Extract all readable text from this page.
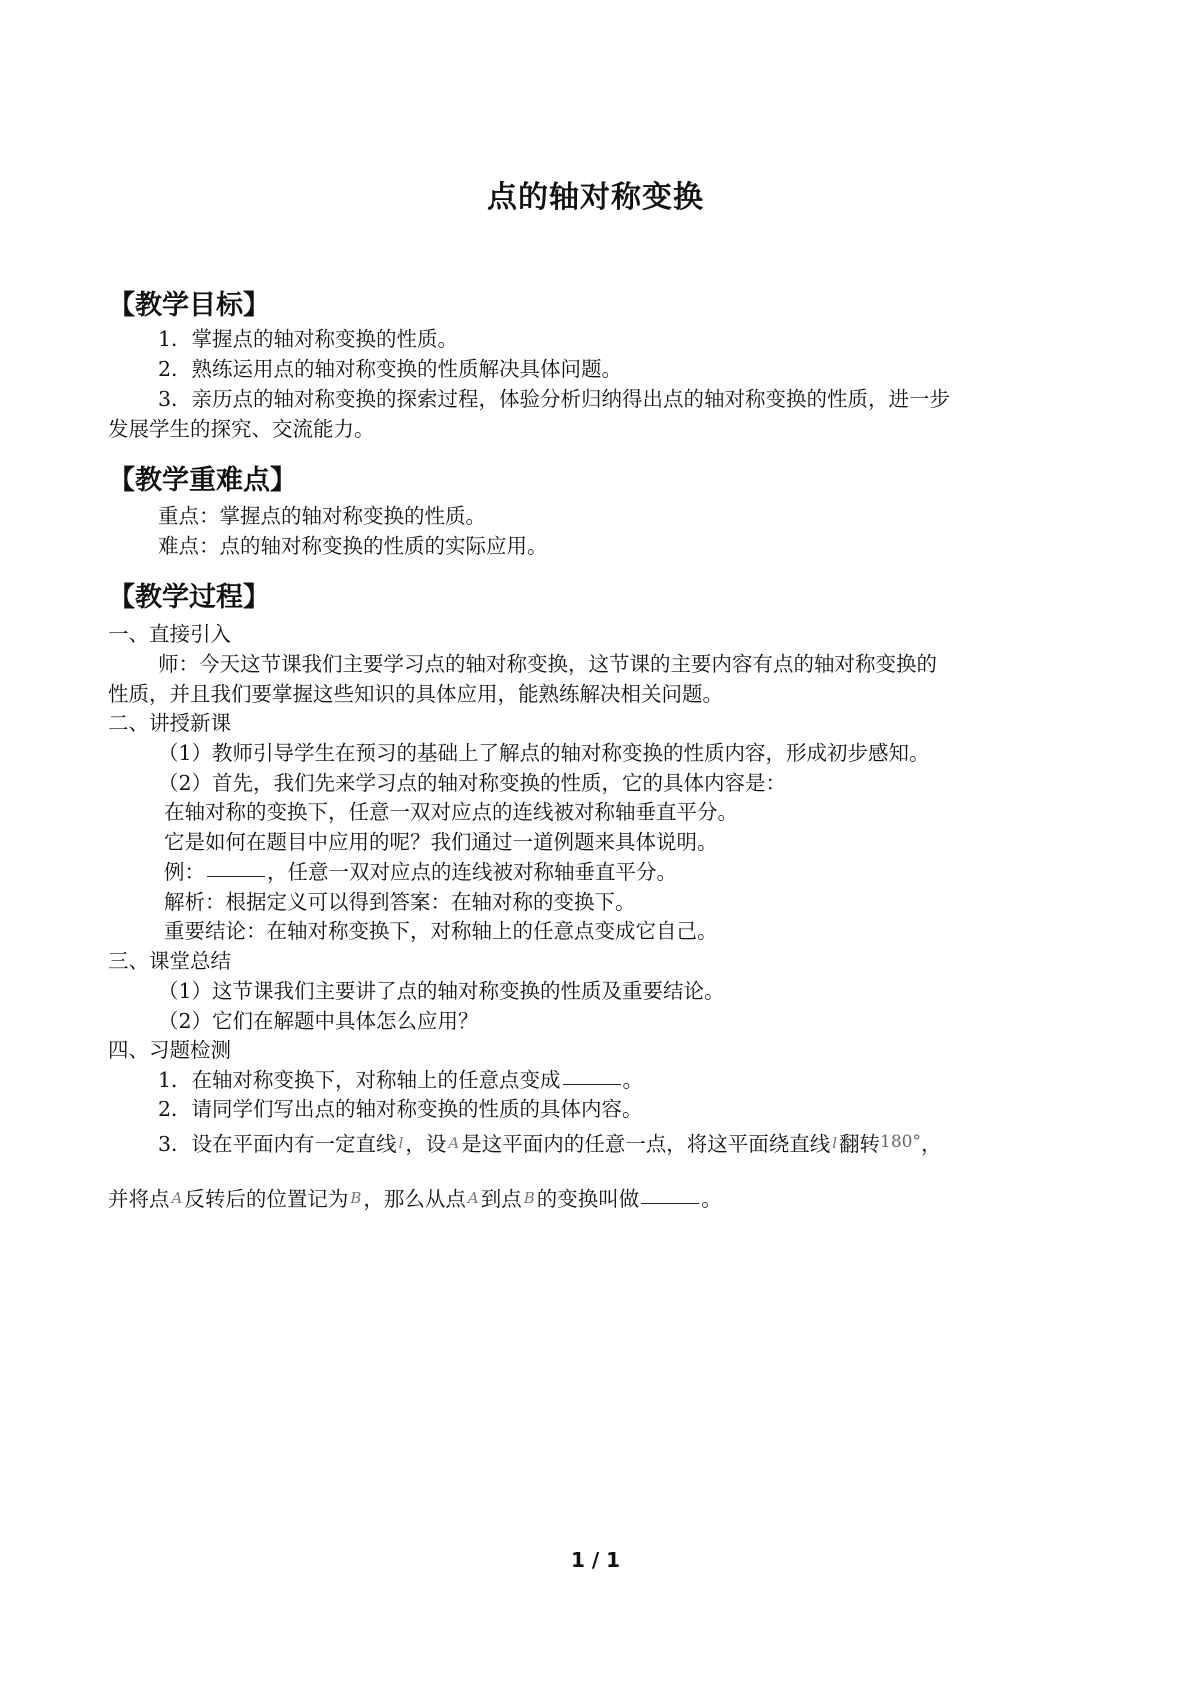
点的轴对称变换
【教学目标】
1．掌握点的轴对称变换的性质。
2．熟练运用点的轴对称变换的性质解决具体问题。
3．亲历点的轴对称变换的探索过程，体验分析归纳得出点的轴对称变换的性质，进一步
发展学生的探究、交流能力。
【教学重难点】
重点：掌握点的轴对称变换的性质。
难点：点的轴对称变换的性质的实际应用。
【教学过程】
一、直接引入
师：今天这节课我们主要学习点的轴对称变换，这节课的主要内容有点的轴对称变换的
性质，并且我们要掌握这些知识的具体应用，能熟练解决相关问题。
二、讲授新课
（1）教师引导学生在预习的基础上了解点的轴对称变换的性质内容，形成初步感知。
（2）首先，我们先来学习点的轴对称变换的性质，它的具体内容是：
在轴对称的变换下，任意一双对应点的连线被对称轴垂直平分。
它是如何在题目中应用的呢？我们通过一道例题来具体说明。
例：	，任意一双对应点的连线被对称轴垂直平分。
解析：根据定义可以得到答案：在轴对称的变换下。
重要结论：在轴对称变换下，对称轴上的任意点变成它自己。
三、课堂总结
（1）这节课我们主要讲了点的轴对称变换的性质及重要结论。
（2）它们在解题中具体怎么应用？
四、习题检测
1．在轴对称变换下，对称轴上的任意点变成	。
2．请同学们写出点的轴对称变换的性质的具体内容。
3．设在平面内有一定直线 l，设 A是这平面内的任意一点，将这平面绕直线 l翻转180°，
并将点 A反转后的位置记为 B，那么从点 A到点 B的变换叫做	。
1 / 1
